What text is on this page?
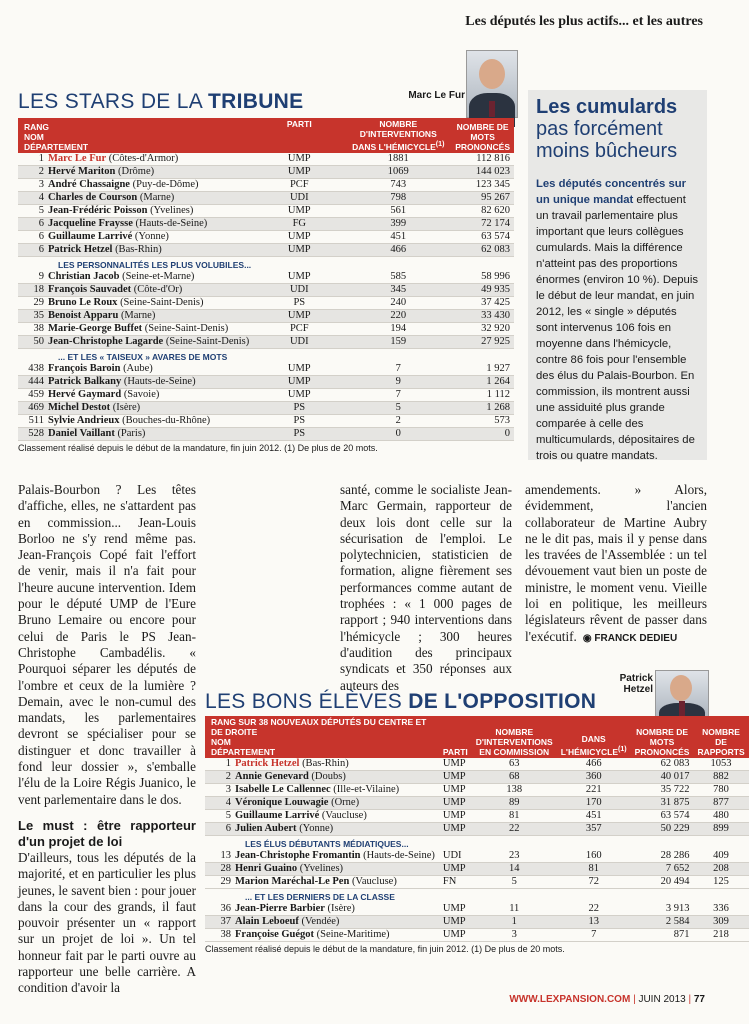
Les députés les plus actifs... et les autres
LES STARS DE LA TRIBUNE	Marc Le Fur
RANG
NOM
DÉPARTEMENT	PARTI	NOMBRE D'INTERVENTIONS DANS L'HÉMICYCLE$^{(1)}$	NOMBRE DE MOTS PRONONCÉS
1 Marc Le Fur (Côtes-d'Armor)	UMP	1881	112 816
2 Hervé Mariton (Drôme)	UMP	1069	144 023
3 André Chassaigne (Puy-de-Dôme)	PCF	743	123 345
4 Charles de Courson (Marne)	UDI	798	95 267
5 Jean-Frédéric Poisson (Yvelines)	UMP	561	82 620
6 Jacqueline Fraysse (Hauts-de-Seine)	FG	399	72 174
6 Guillaume Larrivé (Yonne)	UMP	451	63 574
6 Patrick Hetzel (Bas-Rhin)	UMP	466	62 083
LES PERSONNALITÉS LES PLUS VOLUBILES...			
9 Christian Jacob (Seine-et-Marne)	UMP	585	58 996
18 François Sauvadet (Côte-d'Or)	UDI	345	49 935
29 Bruno Le Roux (Seine-Saint-Denis)	PS	240	37 425
35 Benoist Apparu (Marne)	UMP	220	33 430
38 Marie-George Buffet (Seine-Saint-Denis)	PCF	194	32 920
50 Jean-Christophe Lagarde (Seine-Saint-Denis)	UDI	159	27 925
... ET LES « TAISEUX » AVARES DE MOTS			
438 François Baroin (Aube)	UMP	7	1 927
444 Patrick Balkany (Hauts-de-Seine)	UMP	9	1 264
459 Hervé Gaymard (Savoie)	UMP	7	1 112
469 Michel Destot (Isère)	PS	5	1 268
511 Sylvie Andrieux (Bouches-du-Rhône)	PS	2	573
528 Daniel Vaillant (Paris)	PS	0	0
Classement réalisé depuis le début de la mandature, fin juin 2012. (1) De plus de 20 mots.
Les cumulards
pas forcément
moins bûcheurs
Les députés concentrés sur un unique mandat effectuent un travail parlementaire plus important que leurs collègues cumulards. Mais la différence n'atteint pas des proportions énormes (environ 10 %). Depuis le début de leur mandat, en juin 2012, les « single » députés sont intervenus 106 fois en moyenne dans l'hémicycle, contre 86 fois pour l'ensemble des élus du Palais-Bourbon. En commission, ils montrent aussi une assiduité plus grande comparée à celle des multicumulards, dépositaires de trois ou quatre mandats.
Palais-Bourbon ? Les têtes d'affiche, elles, ne s'attardent pas en commission... Jean-Louis Borloo ne s'y rend même pas. Jean-François Copé fait l'effort de venir, mais il n'a fait pour l'heure aucune intervention. Idem pour le député UMP de l'Eure Bruno Lemaire ou encore pour celui de Paris le PS Jean-Christophe Cambadélis. « Pourquoi séparer les députés de l'ombre et ceux de la lumière ? Demain, avec le non-cumul des mandats, les parlementaires devront se spécialiser pour se distinguer et donc travailler à fond leur dossier », s'emballe l'élu de la Loire Régis Juanico, le vent parlementaire dans le dos.
Le must : être rapporteur d'un projet de loi
D'ailleurs, tous les députés de la majorité, et en particulier les plus jeunes, le savent bien : pour jouer dans la cour des grands, il faut pouvoir présenter un « rapport sur un projet de loi ». Un tel honneur fait par le parti ouvre au rapporteur une belle carrière. A condition d'avoir la
santé, comme le socialiste Jean-Marc Germain, rapporteur de deux lois dont celle sur la sécurisation de l'emploi. Le polytechnicien, statisticien de formation, aligne fièrement ses performances comme autant de trophées : « 1 000 pages de rapport ; 940 interventions dans l'hémicycle ; 300 heures d'audition des principaux syndicats et 350 réponses aux auteurs des
amendements. » Alors, évidemment, l'ancien collaborateur de Martine Aubry ne le dit pas, mais il y pense dans les travées de l'Assemblée : un tel dévouement vaut bien un poste de ministre, le moment venu. Vieille loi en politique, les meilleurs législateurs rêvent de passer dans l'exécutif.  ◉ FRANCK DEDIEU
LES BONS ÉLÈVES DE L'OPPOSITION
Patrick
Hetzel
RANG SUR 38 NOUVEAUX DÉPUTÉS DU CENTRE ET DE DROITE
NOM
DÉPARTEMENT	PARTI	NOMBRE D'INTERVENTIONS EN COMMISSION	DANS L'HÉMICYCLE$^{(1)}$	NOMBRE DE MOTS PRONONCÉS	NOMBRE DE RAPPORTS
1 Patrick Hetzel (Bas-Rhin)	UMP	63	466	62 083	1053
2 Annie Genevard (Doubs)	UMP	68	360	40 017	882
3 Isabelle Le Callennec (Ille-et-Vilaine)	UMP	138	221	35 722	780
4 Véronique Louwagie (Orne)	UMP	89	170	31 875	877
5 Guillaume Larrivé (Vaucluse)	UMP	81	451	63 574	480
6 Julien Aubert (Yonne)	UMP	22	357	50 229	899
LES ÉLUS DÉBUTANTS MÉDIATIQUES...					
13 Jean-Christophe Fromantin (Hauts-de-Seine)	UDI	23	160	28 286	409
28 Henri Guaino (Yvelines)	UMP	14	81	7 652	208
29 Marion Maréchal-Le Pen (Vaucluse)	FN	5	72	20 494	125
... ET LES DERNIERS DE LA CLASSE					
36 Jean-Pierre Barbier (Isère)	UMP	11	22	3 913	336
37 Alain Leboeuf (Vendée)	UMP	1	13	2 584	309
38 Françoise Guégot (Seine-Maritime)	UMP	3	7	871	218
Classement réalisé depuis le début de la mandature, fin juin 2012. (1) De plus de 20 mots.
WWW.LEXPANSION.COM | JUIN 2013 | 77
